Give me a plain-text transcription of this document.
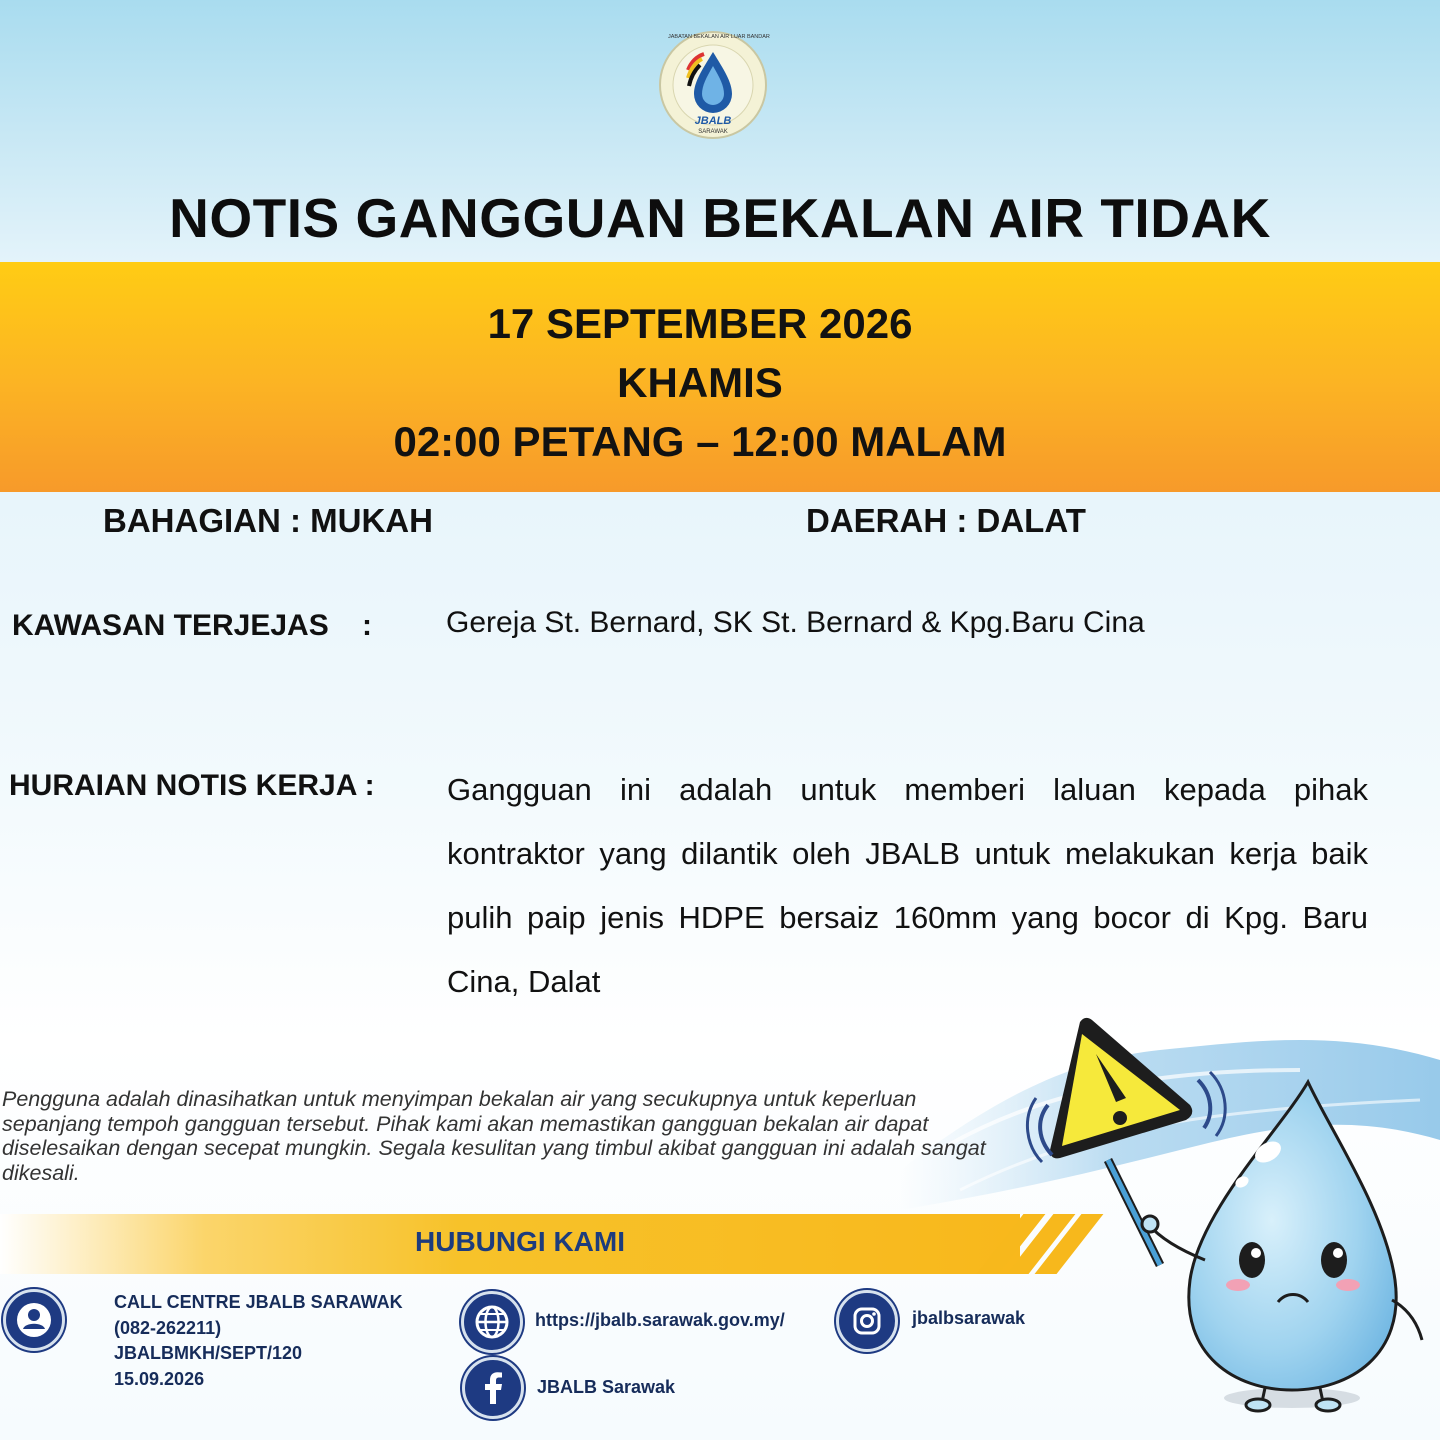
JBALB
SARAWAK
JABATAN BEKALAN AIR LUAR BANDAR
NOTIS GANGGUAN BEKALAN AIR TIDAK
17 SEPTEMBER 2026
KHAMIS
02:00 PETANG – 12:00 MALAM
BAHAGIAN : MUKAH	DAERAH : DALAT
KAWASAN TERJEJAS : Gereja St. Bernard, SK St. Bernard & Kpg.Baru Cina
HURAIAN NOTIS KERJA : Gangguan ini adalah untuk memberi laluan kepada pihak kontraktor yang dilantik oleh JBALB untuk melakukan kerja baik pulih paip jenis HDPE bersaiz 160mm yang bocor di Kpg. Baru Cina, Dalat
Pengguna adalah dinasihatkan untuk menyimpan bekalan air yang secukupnya untuk keperluan sepanjang tempoh gangguan tersebut. Pihak kami akan memastikan gangguan bekalan air dapat diselesaikan dengan secepat mungkin. Segala kesulitan yang timbul akibat gangguan ini adalah sangat dikesali.
HUBUNGI KAMI
CALL CENTRE JBALB SARAWAK
(082-262211)
JBALBMKH/SEPT/120
15.09.2026
https://jbalb.sarawak.gov.my/	jbalbsarawak
JBALB Sarawak
